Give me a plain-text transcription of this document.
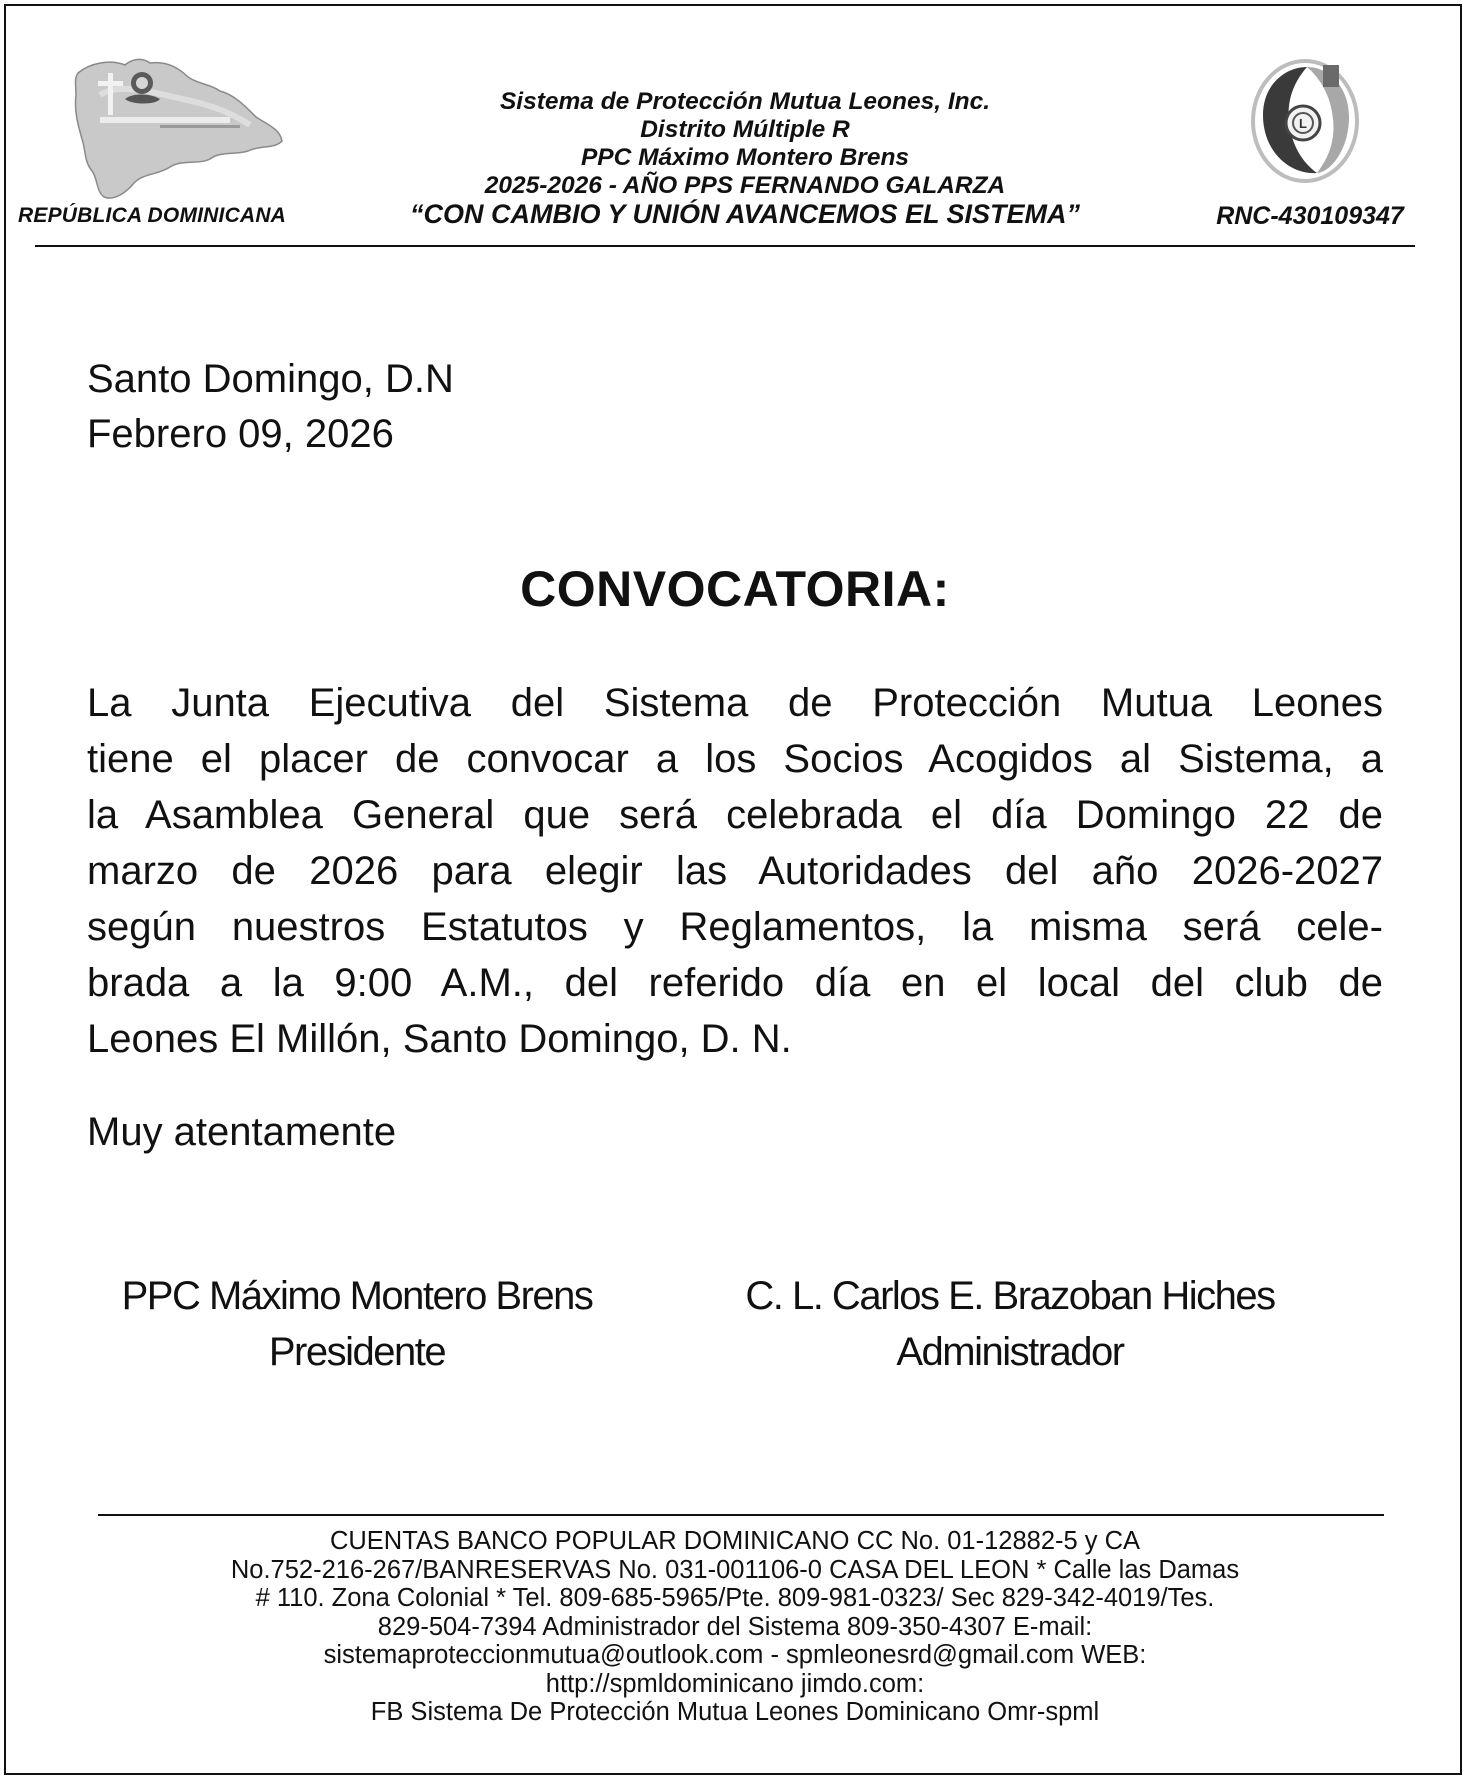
L
Sistema de Protección Mutua Leones, Inc.
Distrito Múltiple R
PPC Máximo Montero Brens
2025-2026 - AÑO PPS FERNANDO GALARZA
“CON CAMBIO Y UNIÓN AVANCEMOS EL SISTEMA”
REPÚBLICA DOMINICANA	RNC-430109347
Santo Domingo, D.N
Febrero 09, 2026
CONVOCATORIA:
La Junta Ejecutiva del Sistema de Protección Mutua Leones
tiene el placer de convocar a los Socios Acogidos al Sistema, a
la Asamblea General que será celebrada el día Domingo 22 de
marzo de 2026 para elegir las Autoridades del año 2026-2027
según nuestros Estatutos y Reglamentos, la misma será cele-
brada a la 9:00 A.M., del referido día en el local del club de
Leones El Millón, Santo Domingo, D. N.
Muy atentamente
PPC Máximo Montero Brens
Presidente
C. L. Carlos E. Brazoban Hiches
Administrador
CUENTAS BANCO POPULAR DOMINICANO CC No. 01-12882-5 y CA
No.752-216-267/BANRESERVAS No. 031-001106-0 CASA DEL LEON * Calle las Damas
# 110. Zona Colonial * Tel. 809-685-5965/Pte. 809-981-0323/ Sec 829-342-4019/Tes.
829-504-7394 Administrador del Sistema 809-350-4307 E-mail:
sistemaproteccionmutua@outlook.com - spmleonesrd@gmail.com WEB:
http://spmldominicano jimdo.com:
FB Sistema De Protección Mutua Leones Dominicano Omr-spml
